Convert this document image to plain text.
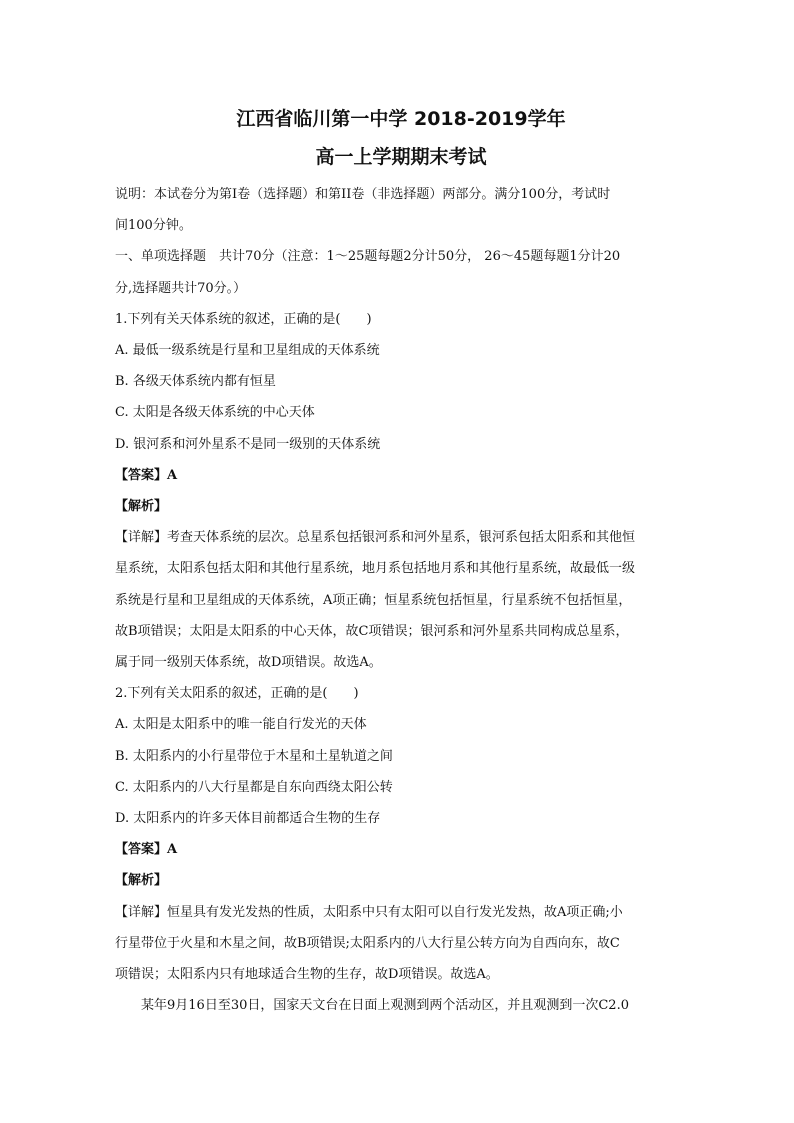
江西省临川第一中学 2018-2019学年

高一上学期期末考试

说明：本试卷分为第I卷（选择题）和第II卷（非选择题）两部分。满分100分，考试时

间100分钟。

一、单项选择题　共计70分（注意：1～25题每题2分计50分， 26～45题每题1分计20

分,选择题共计70分。）

1.下列有关天体系统的叙述，正确的是(　　)

A. 最低一级系统是行星和卫星组成的天体系统

B. 各级天体系统内都有恒星

C. 太阳是各级天体系统的中心天体

D. 银河系和河外星系不是同一级别的天体系统

【答案】A

【解析】

【详解】考查天体系统的层次。总星系包括银河系和河外星系，银河系包括太阳系和其他恒

星系统，太阳系包括太阳和其他行星系统，地月系包括地月系和其他行星系统，故最低一级

系统是行星和卫星组成的天体系统，A项正确；恒星系统包括恒星，行星系统不包括恒星，

故B项错误；太阳是太阳系的中心天体，故C项错误；银河系和河外星系共同构成总星系，

属于同一级别天体系统，故D项错误。故选A。

2.下列有关太阳系的叙述，正确的是(　　)

A. 太阳是太阳系中的唯一能自行发光的天体

B. 太阳系内的小行星带位于木星和土星轨道之间

C. 太阳系内的八大行星都是自东向西绕太阳公转

D. 太阳系内的许多天体目前都适合生物的生存

【答案】A

【解析】

【详解】恒星具有发光发热的性质，太阳系中只有太阳可以自行发光发热，故A项正确;小

行星带位于火星和木星之间，故B项错误;太阳系内的八大行星公转方向为自西向东，故C

项错误；太阳系内只有地球适合生物的生存，故D项错误。故选A。

某年9月16日至30日，国家天文台在日面上观测到两个活动区，并且观测到一次C2.0
